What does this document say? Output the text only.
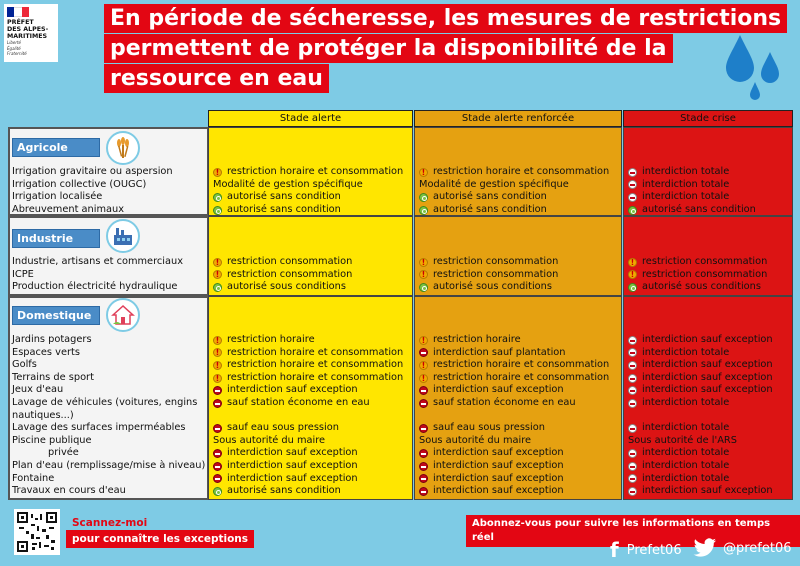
PRÉFET
DES ALPES-
MARITIMES
Liberté
Égalité
Fraternité
En période de sécheresse, les mesures de restrictions
permettent de protéger la disponibilité de la
ressource en eau
Stade alerte	Stade alerte renforcée	Stade crise
Agricole
Industrie
Domestique
Irrigation gravitaire ou aspersion !	restriction horaire et consommation !	restriction horaire et consommation	interdiction totale
Irrigation collective (OUGC)	Modalité de gestion spécifique	Modalité de gestion spécifique	interdiction totale
Irrigation localisée	autorisé sans condition	autorisé sans condition	interdiction totale
Abreuvement animaux	autorisé sans condition	autorisé sans condition	autorisé sans condition
Industrie, artisans et commerciaux !	restriction consommation !	restriction consommation !	restriction consommation
ICPE !	restriction consommation !	restriction consommation !	restriction consommation
Production électricité hydraulique	autorisé sous conditions	autorisé sous conditions	autorisé sous conditions
Jardins potagers !	restriction horaire !	restriction horaire	interdiction sauf exception
Espaces verts !	restriction horaire et consommation	interdiction sauf plantation	interdiction totale
Golfs !	restriction horaire et consommation !	restriction horaire et consommation	interdiction sauf exception
Terrains de sport !	restriction horaire et consommation !	restriction horaire et consommation	interdiction sauf exception
Jeux d'eau	interdiction sauf exception	interdiction sauf exception	interdiction sauf exception
Lavage de véhicules (voitures, engins
nautiques...)
sauf station économe en eau	sauf station économe en eau	interdiction totale
Lavage des surfaces imperméables	sauf eau sous pression	sauf eau sous pression	interdiction totale
Piscine publique	Sous autorité du maire	Sous autorité du maire	Sous autorité de l'ARS
privée	interdiction sauf exception	interdiction sauf exception	interdiction totale
Plan d'eau (remplissage/mise à niveau) interdiction sauf exception	interdiction sauf exception	interdiction totale
Fontaine	interdiction sauf exception	interdiction sauf exception	interdiction totale
Travaux en cours d'eau	autorisé sans condition	interdiction sauf exception	interdiction sauf exception
Scannez-moi
pour connaître les exceptions
Abonnez-vous pour suivre les informations en temps réel
f Prefet06	@prefet06
